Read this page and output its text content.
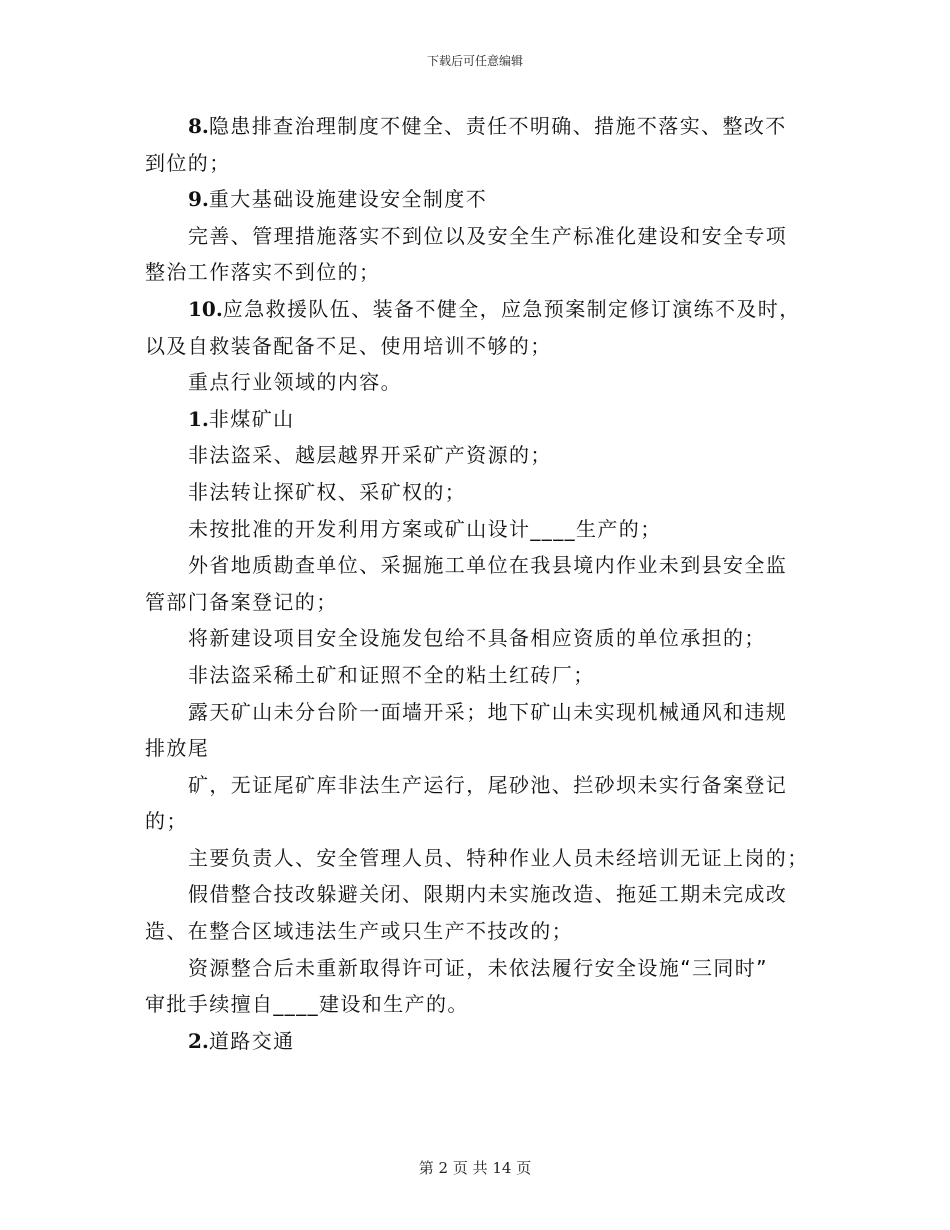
下载后可任意编辑
8.隐患排查治理制度不健全、责任不明确、措施不落实、整改不
到位的；
9.重大基础设施建设安全制度不
完善、管理措施落实不到位以及安全生产标准化建设和安全专项
整治工作落实不到位的；
10.应急救援队伍、装备不健全，应急预案制定修订演练不及时，
以及自救装备配备不足、使用培训不够的；
重点行业领域的内容。
1.非煤矿山
非法盗采、越层越界开采矿产资源的；
非法转让探矿权、采矿权的；
未按批准的开发利用方案或矿山设计____生产的；
外省地质勘查单位、采掘施工单位在我县境内作业未到县安全监
管部门备案登记的；
将新建设项目安全设施发包给不具备相应资质的单位承担的；
非法盗采稀土矿和证照不全的粘土红砖厂；
露天矿山未分台阶一面墙开采；地下矿山未实现机械通风和违规
排放尾
矿，无证尾矿库非法生产运行，尾砂池、拦砂坝未实行备案登记
的；
主要负责人、安全管理人员、特种作业人员未经培训无证上岗的；
假借整合技改躲避关闭、限期内未实施改造、拖延工期未完成改
造、在整合区域违法生产或只生产不技改的；
资源整合后未重新取得许可证，未依法履行安全设施“三同时”
审批手续擅自____建设和生产的。
2.道路交通
第 2 页 共 14 页
